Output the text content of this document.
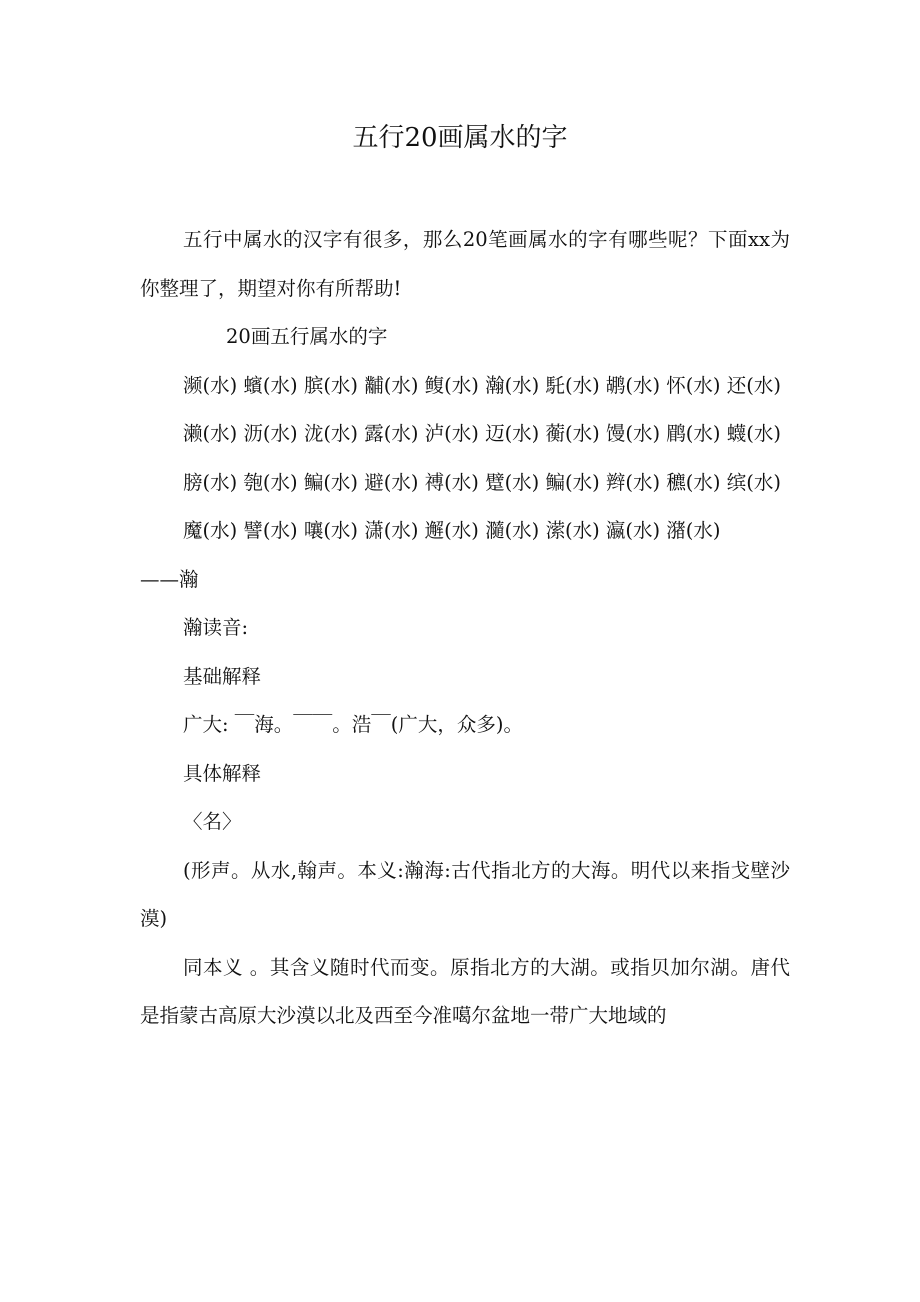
五行20画属水的字

五行中属水的汉字有很多，那么20笔画属水的字有哪些呢？下面xx为你整理了，期望对你有所帮助!

20画五行属水的字

濒(水) 蠙(水) 膑(水) 黼(水) 鳆(水) 瀚(水) 馲(水) 鹕(水) 怀(水) 还(水)

濑(水) 沥(水) 泷(水) 露(水) 泸(水) 迈(水) 蘅(水) 馒(水) 鹛(水) 蠛(水)

膀(水) 匏(水) 鳊(水) 避(水) 禣(水) 躄(水) 鳊(水) 辫(水) 穮(水) 缤(水)

魔(水) 譬(水) 嚷(水) 潇(水) 邂(水) 瀡(水) 潆(水) 瀛(水) 潴(水)　　——瀚

瀚读音:

基础解释

广大: ￣海。￣￣。浩￣(广大，众多)。

具体解释

〈名〉

(形声。从水,翰声。本义:瀚海:古代指北方的大海。明代以来指戈壁沙漠)

同本义 。其含义随时代而变。原指北方的大湖。或指贝加尔湖。唐代是指蒙古高原大沙漠以北及西至今准噶尔盆地一带广大地域的
